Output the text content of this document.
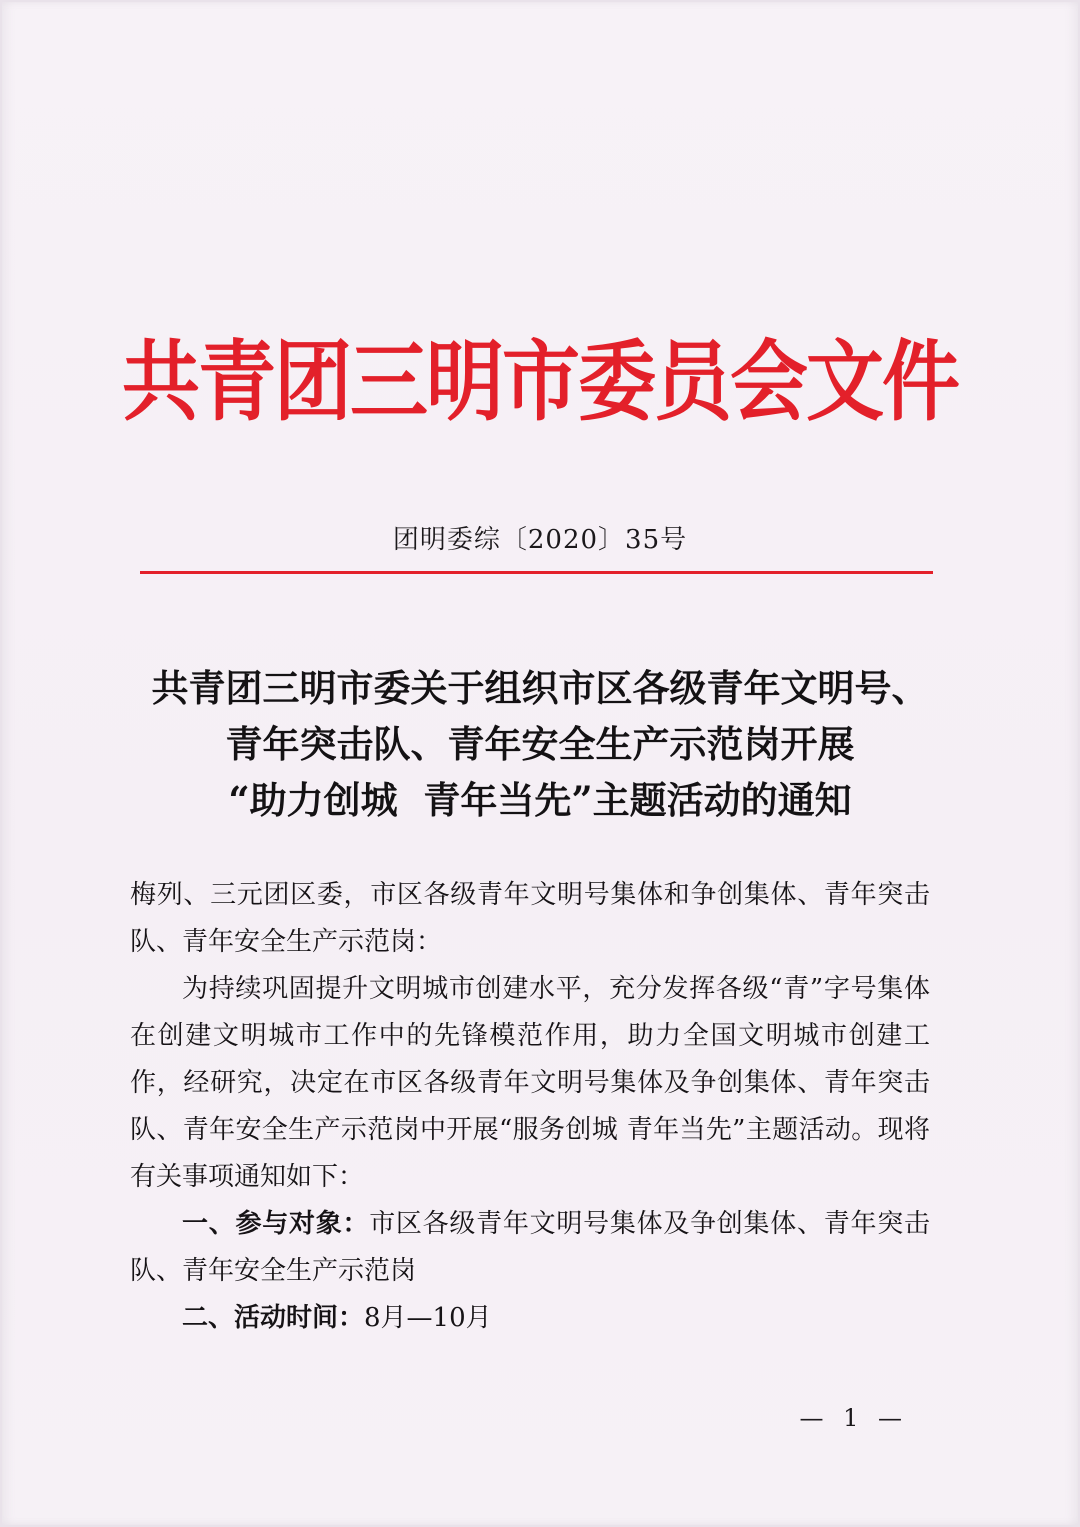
共青团三明市委员会文件
团明委综〔2020〕35号
共青团三明市委关于组织市区各级青年文明号、
青年突击队、青年安全生产示范岗开展
“助力创城  青年当先”主题活动的通知

梅列、三元团区委，市区各级青年文明号集体和争创集体、青年突击队、青年安全生产示范岗：

为持续巩固提升文明城市创建水平，充分发挥各级“青”字号集体在创建文明城市工作中的先锋模范作用，助力全国文明城市创建工作，经研究，决定在市区各级青年文明号集体及争创集体、青年突击队、青年安全生产示范岗中开展“服务创城 青年当先”主题活动。现将有关事项通知如下：

一、参与对象：市区各级青年文明号集体及争创集体、青年突击队、青年安全生产示范岗

二、活动时间：8月—10月

— 1 —
